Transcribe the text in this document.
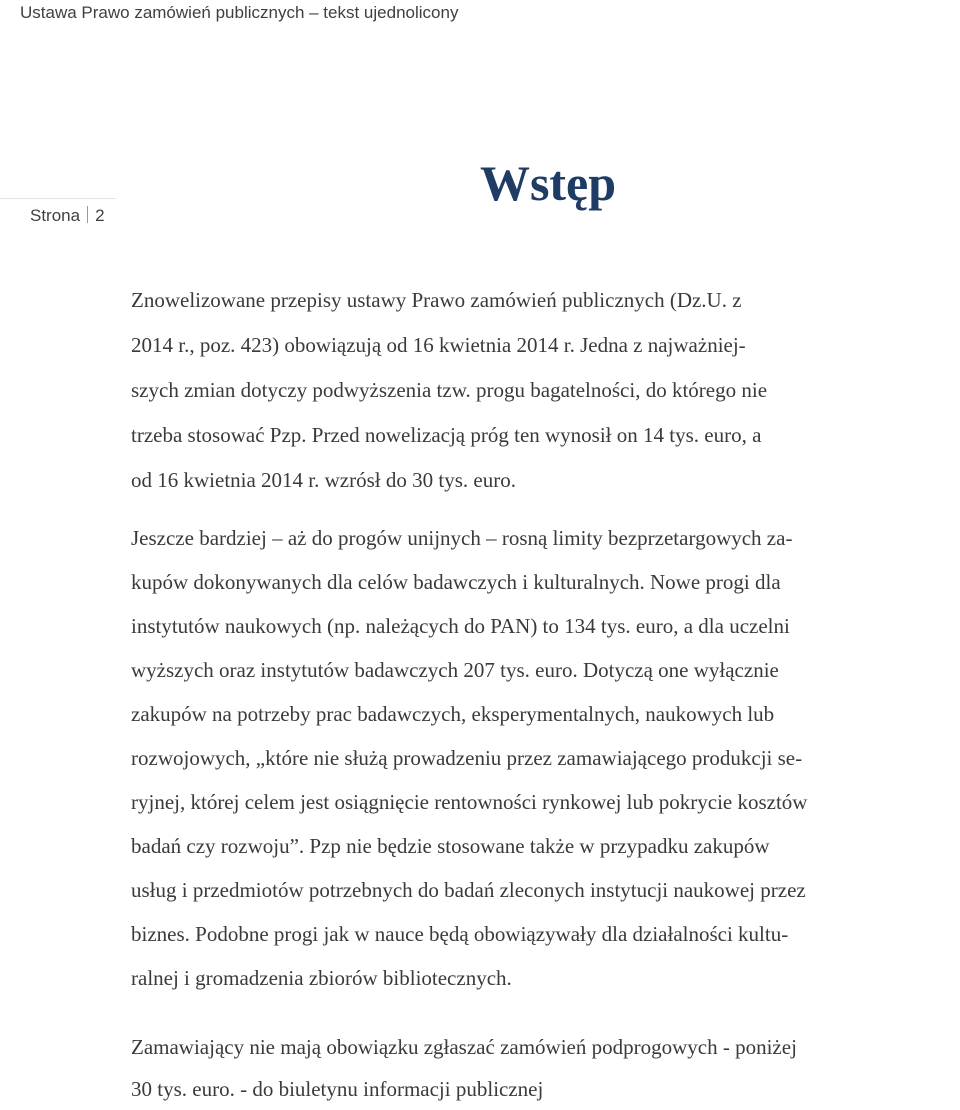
Ustawa Prawo zamówień publicznych – tekst ujednolicony
Strona 2
Wstęp

Znowelizowane przepisy ustawy Prawo zamówień publicznych (Dz.U. z
2014 r., poz. 423) obowiązują od 16 kwietnia 2014 r. Jedna z najważniej-
szych zmian dotyczy podwyższenia tzw. progu bagatelności, do którego nie
trzeba stosować Pzp. Przed nowelizacją próg ten wynosił on 14 tys. euro, a
od 16 kwietnia 2014 r. wzrósł do 30 tys. euro.

Jeszcze bardziej – aż do progów unijnych – rosną limity bezprzetargowych za-
kupów dokonywanych dla celów badawczych i kulturalnych. Nowe progi dla
instytutów naukowych (np. należących do PAN) to 134 tys. euro, a dla uczelni
wyższych oraz instytutów badawczych 207 tys. euro. Dotyczą one wyłącznie
zakupów na potrzeby prac badawczych, eksperymentalnych, naukowych lub
rozwojowych, „które nie służą prowadzeniu przez zamawiającego produkcji se-
ryjnej, której celem jest osiągnięcie rentowności rynkowej lub pokrycie kosztów
badań czy rozwoju”. Pzp nie będzie stosowane także w przypadku zakupów
usług i przedmiotów potrzebnych do badań zleconych instytucji naukowej przez
biznes. Podobne progi jak w nauce będą obowiązywały dla działalności kultu-
ralnej i gromadzenia zbiorów bibliotecznych.

Zamawiający nie mają obowiązku zgłaszać zamówień podprogowych - poniżej
30 tys. euro. - do biuletynu informacji publicznej
